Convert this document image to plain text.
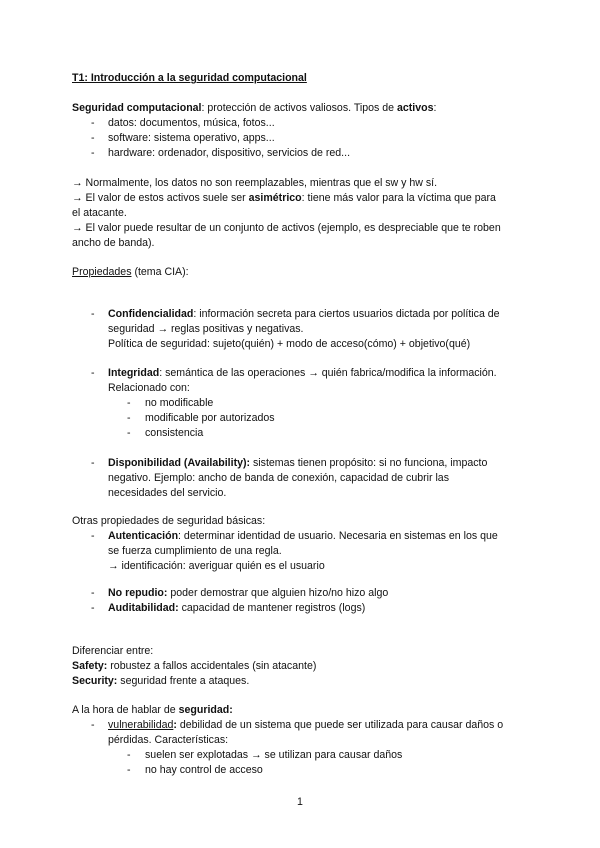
T1: Introducción a la seguridad computacional
Seguridad computacional: protección de activos valiosos. Tipos de activos:
- datos: documentos, música, fotos...
- software: sistema operativo, apps...
- hardware: ordenador, dispositivo, servicios de red...
→ Normalmente, los datos no son reemplazables, mientras que el sw y hw sí.
→ El valor de estos activos suele ser asimétrico: tiene más valor para la víctima que para
el atacante.
→ El valor puede resultar de un conjunto de activos (ejemplo, es despreciable que te roben
ancho de banda).
Propiedades (tema CIA):
- Confidencialidad: información secreta para ciertos usuarios dictada por política de
seguridad → reglas positivas y negativas.
Política de seguridad: sujeto(quién) + modo de acceso(cómo) + objetivo(qué)
- Integridad: semántica de las operaciones → quién fabrica/modifica la información.
Relacionado con:
- no modificable
- modificable por autorizados
- consistencia
- Disponibilidad (Availability): sistemas tienen propósito: si no funciona, impacto
negativo. Ejemplo: ancho de banda de conexión, capacidad de cubrir las
necesidades del servicio.
Otras propiedades de seguridad básicas:
- Autenticación: determinar identidad de usuario. Necesaria en sistemas en los que
se fuerza cumplimiento de una regla.
→ identificación: averiguar quién es el usuario
- No repudio: poder demostrar que alguien hizo/no hizo algo
- Auditabilidad: capacidad de mantener registros (logs)
Diferenciar entre:
Safety: robustez a fallos accidentales (sin atacante)
Security: seguridad frente a ataques.
A la hora de hablar de seguridad:
- vulnerabilidad: debilidad de un sistema que puede ser utilizada para causar daños o
pérdidas. Características:
- suelen ser explotadas → se utilizan para causar daños
- no hay control de acceso
1
